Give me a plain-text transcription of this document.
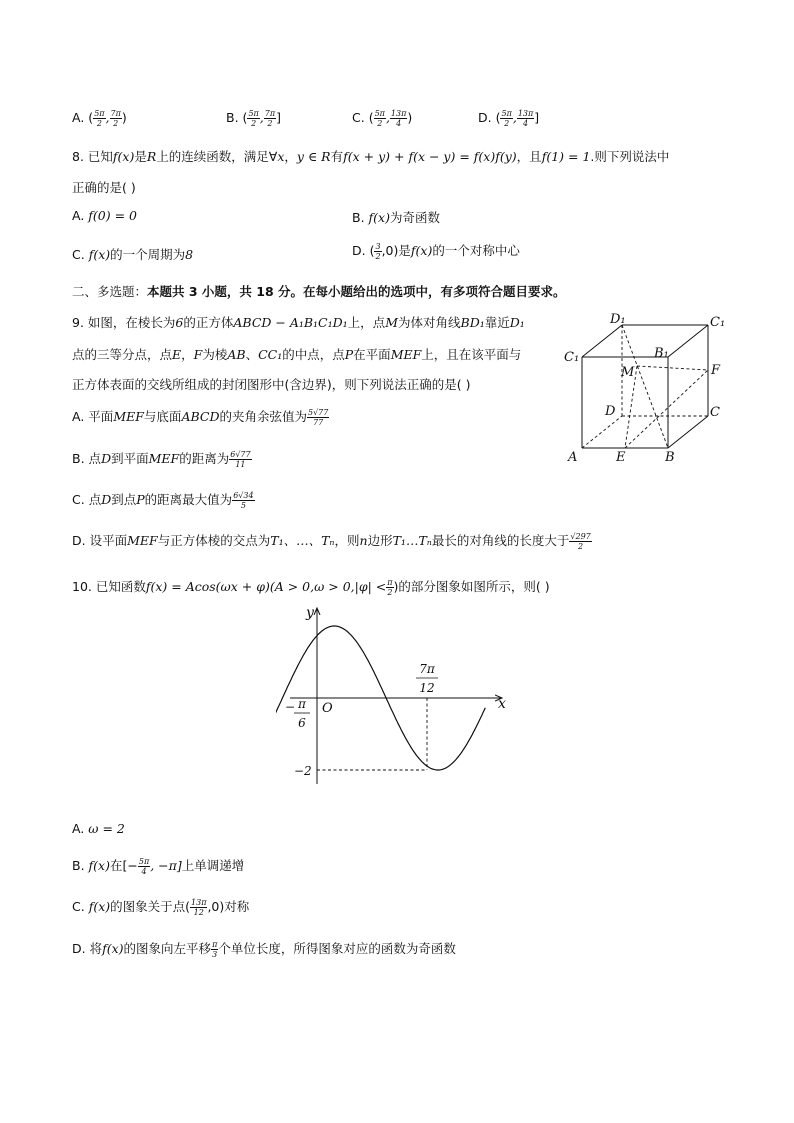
A. ( $\frac{5\pi}{2}$ , $\frac{7\pi}{2}$ )	B. ( $\frac{5\pi}{2}$ , $\frac{7\pi}{2}$ ]	C. ( $\frac{5\pi}{2}$ , $\frac{13\pi}{4}$ )	D. ( $\frac{5\pi}{2}$ , $\frac{13\pi}{4}$ ]
8. 已知f(x)是R上的连续函数，满足∀x，y ∈ R有f(x + y) + f(x − y) = f(x)f(y)，且f(1) = 1.则下列说法中
正确的是( )
A. f(0) = 0	B. f(x)为奇函数
C. f(x)的一个周期为8	D. ( $\frac{3}{2} ,0$)是f(x)的一个对称中心
二、多选题：本题共 3 小题，共 18 分。在每小题给出的选项中，有多项符合题目要求。
9. 如图，在棱长为6的正方体ABCD − A₁B₁C₁D₁上，点M为体对角线BD₁靠近D₁
点的三等分点，点E，F为棱AB、CC₁的中点，点P在平面MEF上，且在该平面与
正方体表面的交线所组成的封闭图形中(含边界)，则下列说法正确的是( )
A. 平面MEF与底面ABCD的夹角余弦值为 $\frac{5√77}{77}$
B. 点D到平面MEF的距离为 $\frac{6√77}{11}$
C. 点D到点P的距离最大值为 $\frac{6√34}{5}$
D. 设平面MEF与正方体棱的交点为T₁、…、Tₙ，则n边形T₁…Tₙ最长的对角线的长度大于 $\frac{√297}{2}$
D₁	C₁
C₁	B₁
M	F
D	C
A	E	B
10. 已知函数$f(x) = Acos(\omega x + \varphi)(A > 0,\omega > 0,|\varphi| < \frac{\pi}{2}$ )的部分图象如图所示，则( )
y
x
O
7π
12
− π
6
−2
A. ω = 2
B. f(x)在[− $\frac{5\pi}{4}$ , −π]上单调递增
C. f(x)的图象关于点( $\frac{13\pi}{12} ,0$)对称
D. 将f(x)的图象向左平移 $\frac{\pi}{3}$ 个单位长度，所得图象对应的函数为奇函数
